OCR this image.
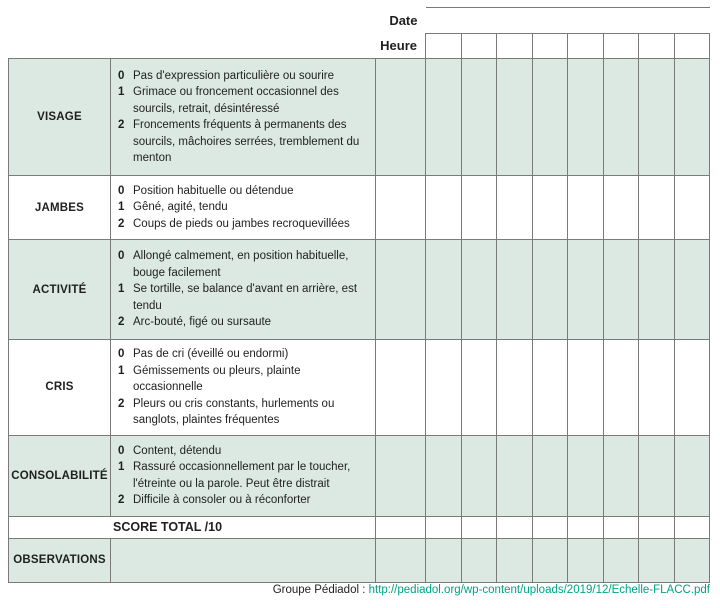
		Date								
		Heure								
VISAGE	
0 Pas d'expression particulière ou sourire
1 Grimace ou froncement occasionnel des sourcils, retrait, désintéressé
2 Froncements fréquents à permanents des sourcils, mâchoires serrées, tremblement du menton

JAMBES	
0 Position habituelle ou détendue
1 Gêné, agité, tendu
2 Coups de pieds ou jambes recroquevillées

ACTIVITÉ	
0 Allongé calmement, en position habituelle, bouge facilement
1 Se tortille, se balance d'avant en arrière, est tendu
2 Arc-bouté, figé ou sursaute

CRIS	
0 Pas de cri (éveillé ou endormi)
1 Gémissements ou pleurs, plainte occasionnelle
2 Pleurs ou cris constants, hurlements ou sanglots, plaintes fréquentes

CONSOLABILITÉ	
0 Content, détendu
1 Rassuré occasionnellement par le toucher, l'étreinte ou la parole. Peut être distrait
2 Difficile à consoler ou à réconforter

SCORE TOTAL /10										
OBSERVATIONS										
Groupe Pédiadol : http://pediadol.org/wp-content/uploads/2019/12/Echelle-FLACC.pdf
